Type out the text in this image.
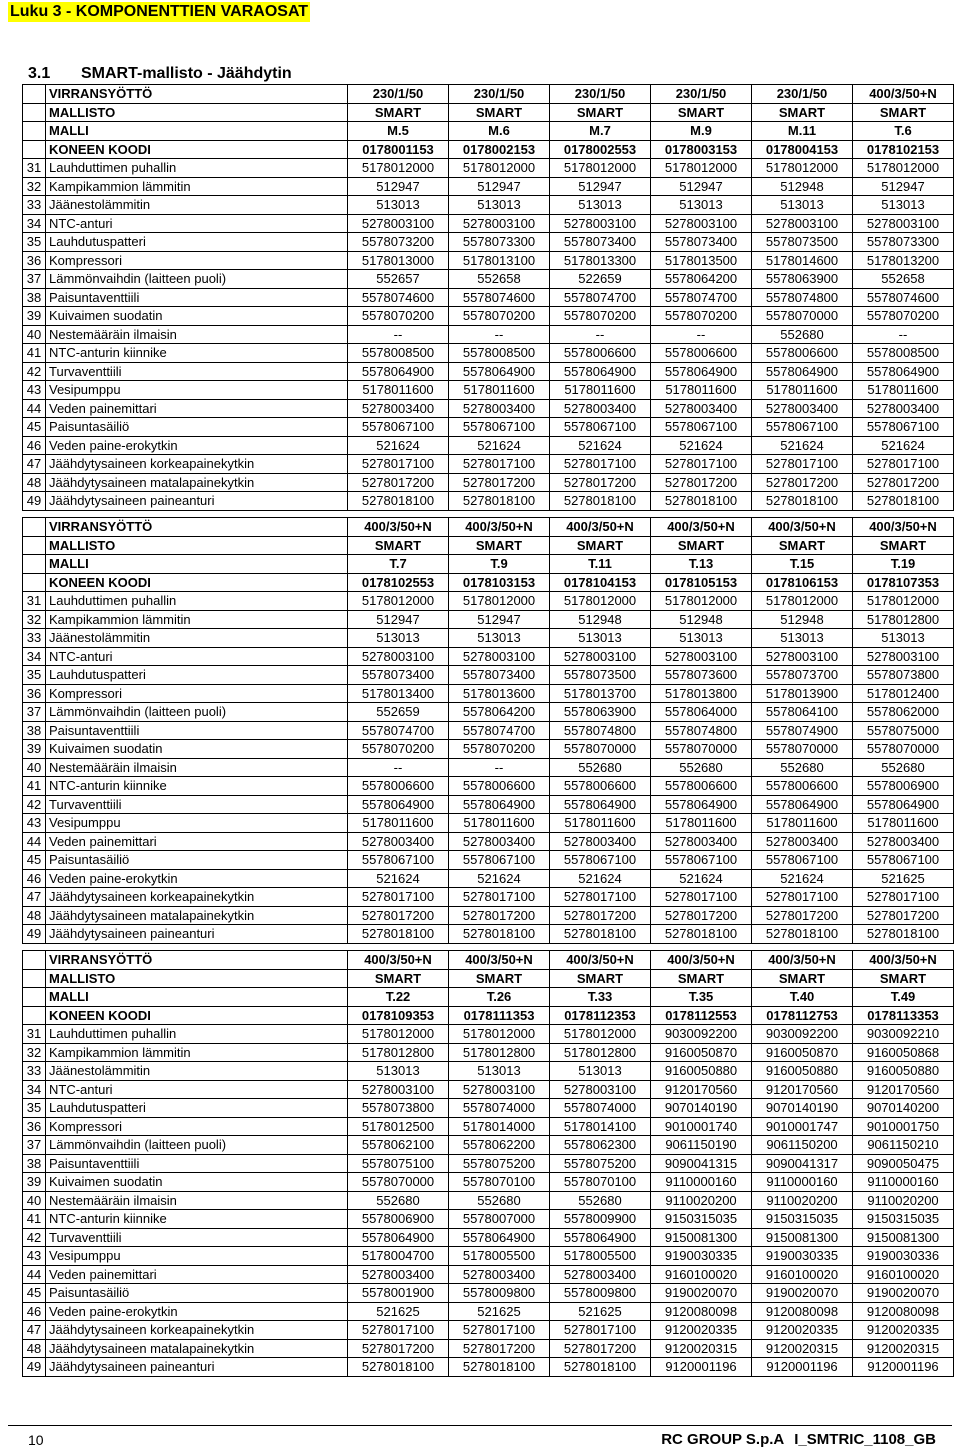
Luku 3 - KOMPONENTTIEN VARAOSAT
3.1 SMART-mallisto - Jäähdytin
	VIRRANSYÖTTÖ	230/1/50	230/1/50	230/1/50	230/1/50	230/1/50	400/3/50+N
	MALLISTO	SMART	SMART	SMART	SMART	SMART	SMART
	MALLI	M.5	M.6	M.7	M.9	M.11	T.6
	KONEEN KOODI	0178001153	0178002153	0178002553	0178003153	0178004153	0178102153
31	Lauhduttimen puhallin	5178012000	5178012000	5178012000	5178012000	5178012000	5178012000
32	Kampikammion lämmitin	512947	512947	512947	512947	512948	512947
33	Jäänestolämmitin	513013	513013	513013	513013	513013	513013
34	NTC-anturi	5278003100	5278003100	5278003100	5278003100	5278003100	5278003100
35	Lauhdutuspatteri	5578073200	5578073300	5578073400	5578073400	5578073500	5578073300
36	Kompressori	5178013000	5178013100	5178013300	5178013500	5178014600	5178013200
37	Lämmönvaihdin (laitteen puoli)	552657	552658	522659	5578064200	5578063900	552658
38	Paisuntaventtiili	5578074600	5578074600	5578074700	5578074700	5578074800	5578074600
39	Kuivaimen suodatin	5578070200	5578070200	5578070200	5578070200	5578070000	5578070200
40	Nestemääräin ilmaisin	--	--	--	--	552680	--
41	NTC-anturin kiinnike	5578008500	5578008500	5578006600	5578006600	5578006600	5578008500
42	Turvaventtiili	5578064900	5578064900	5578064900	5578064900	5578064900	5578064900
43	Vesipumppu	5178011600	5178011600	5178011600	5178011600	5178011600	5178011600
44	Veden painemittari	5278003400	5278003400	5278003400	5278003400	5278003400	5278003400
45	Paisuntasäiliö	5578067100	5578067100	5578067100	5578067100	5578067100	5578067100
46	Veden paine-erokytkin	521624	521624	521624	521624	521624	521624
47	Jäähdytysaineen korkeapainekytkin	5278017100	5278017100	5278017100	5278017100	5278017100	5278017100
48	Jäähdytysaineen matalapainekytkin	5278017200	5278017200	5278017200	5278017200	5278017200	5278017200
49	Jäähdytysaineen paineanturi	5278018100	5278018100	5278018100	5278018100	5278018100	5278018100
	VIRRANSYÖTTÖ	400/3/50+N	400/3/50+N	400/3/50+N	400/3/50+N	400/3/50+N	400/3/50+N
	MALLISTO	SMART	SMART	SMART	SMART	SMART	SMART
	MALLI	T.7	T.9	T.11	T.13	T.15	T.19
	KONEEN KOODI	0178102553	0178103153	0178104153	0178105153	0178106153	0178107353
31	Lauhduttimen puhallin	5178012000	5178012000	5178012000	5178012000	5178012000	5178012000
32	Kampikammion lämmitin	512947	512947	512948	512948	512948	5178012800
33	Jäänestolämmitin	513013	513013	513013	513013	513013	513013
34	NTC-anturi	5278003100	5278003100	5278003100	5278003100	5278003100	5278003100
35	Lauhdutuspatteri	5578073400	5578073400	5578073500	5578073600	5578073700	5578073800
36	Kompressori	5178013400	5178013600	5178013700	5178013800	5178013900	5178012400
37	Lämmönvaihdin (laitteen puoli)	552659	5578064200	5578063900	5578064000	5578064100	5578062000
38	Paisuntaventtiili	5578074700	5578074700	5578074800	5578074800	5578074900	5578075000
39	Kuivaimen suodatin	5578070200	5578070200	5578070000	5578070000	5578070000	5578070000
40	Nestemääräin ilmaisin	--	--	552680	552680	552680	552680
41	NTC-anturin kiinnike	5578006600	5578006600	5578006600	5578006600	5578006600	5578006900
42	Turvaventtiili	5578064900	5578064900	5578064900	5578064900	5578064900	5578064900
43	Vesipumppu	5178011600	5178011600	5178011600	5178011600	5178011600	5178011600
44	Veden painemittari	5278003400	5278003400	5278003400	5278003400	5278003400	5278003400
45	Paisuntasäiliö	5578067100	5578067100	5578067100	5578067100	5578067100	5578067100
46	Veden paine-erokytkin	521624	521624	521624	521624	521624	521625
47	Jäähdytysaineen korkeapainekytkin	5278017100	5278017100	5278017100	5278017100	5278017100	5278017100
48	Jäähdytysaineen matalapainekytkin	5278017200	5278017200	5278017200	5278017200	5278017200	5278017200
49	Jäähdytysaineen paineanturi	5278018100	5278018100	5278018100	5278018100	5278018100	5278018100
	VIRRANSYÖTTÖ	400/3/50+N	400/3/50+N	400/3/50+N	400/3/50+N	400/3/50+N	400/3/50+N
	MALLISTO	SMART	SMART	SMART	SMART	SMART	SMART
	MALLI	T.22	T.26	T.33	T.35	T.40	T.49
	KONEEN KOODI	0178109353	0178111353	0178112353	0178112553	0178112753	0178113353
31	Lauhduttimen puhallin	5178012000	5178012000	5178012000	9030092200	9030092200	9030092210
32	Kampikammion lämmitin	5178012800	5178012800	5178012800	9160050870	9160050870	9160050868
33	Jäänestolämmitin	513013	513013	513013	9160050880	9160050880	9160050880
34	NTC-anturi	5278003100	5278003100	5278003100	9120170560	9120170560	9120170560
35	Lauhdutuspatteri	5578073800	5578074000	5578074000	9070140190	9070140190	9070140200
36	Kompressori	5178012500	5178014000	5178014100	9010001740	9010001747	9010001750
37	Lämmönvaihdin (laitteen puoli)	5578062100	5578062200	5578062300	9061150190	9061150200	9061150210
38	Paisuntaventtiili	5578075100	5578075200	5578075200	9090041315	9090041317	9090050475
39	Kuivaimen suodatin	5578070000	5578070100	5578070100	9110000160	9110000160	9110000160
40	Nestemääräin ilmaisin	552680	552680	552680	9110020200	9110020200	9110020200
41	NTC-anturin kiinnike	5578006900	5578007000	5578009900	9150315035	9150315035	9150315035
42	Turvaventtiili	5578064900	5578064900	5578064900	9150081300	9150081300	9150081300
43	Vesipumppu	5178004700	5178005500	5178005500	9190030335	9190030335	9190030336
44	Veden painemittari	5278003400	5278003400	5278003400	9160100020	9160100020	9160100020
45	Paisuntasäiliö	5578001900	5578009800	5578009800	9190020070	9190020070	9190020070
46	Veden paine-erokytkin	521625	521625	521625	9120080098	9120080098	9120080098
47	Jäähdytysaineen korkeapainekytkin	5278017100	5278017100	5278017100	9120020335	9120020335	9120020335
48	Jäähdytysaineen matalapainekytkin	5278017200	5278017200	5278017200	9120020315	9120020315	9120020315
49	Jäähdytysaineen paineanturi	5278018100	5278018100	5278018100	9120001196	9120001196	9120001196
10	RC GROUP S.p.A I_SMTRIC_1108_GB
